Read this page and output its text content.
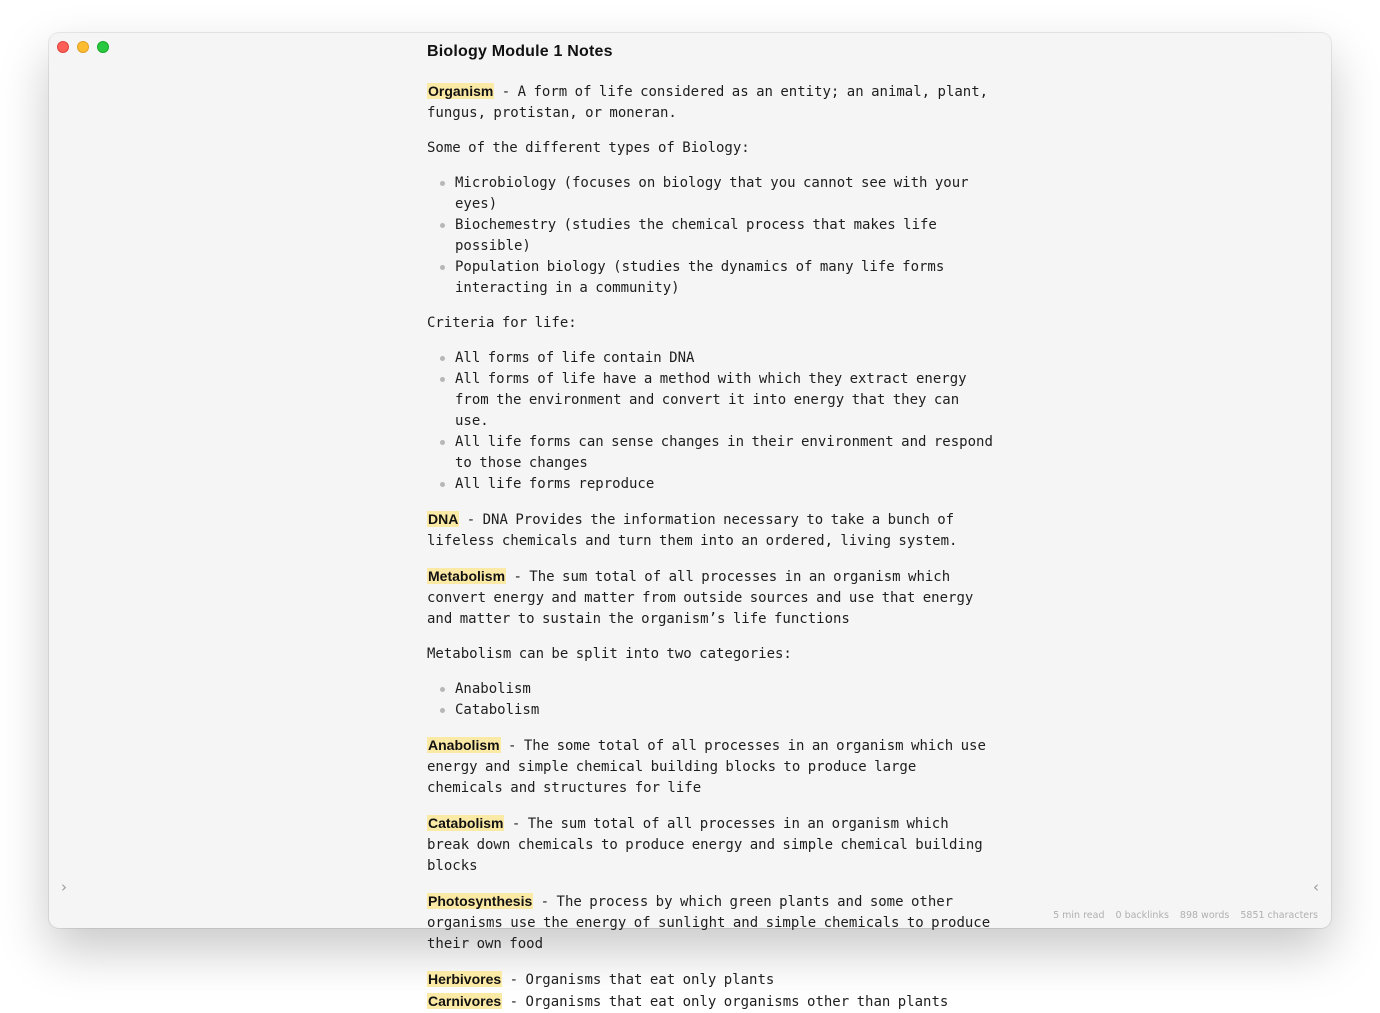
Biology Module 1 Notes

Organism - A form of life considered as an entity; an animal, plant, fungus, protistan, or moneran.

Some of the different types of Biology:

Microbiology (focuses on biology that you cannot see with your eyes)
Biochemestry (studies the chemical process that makes life possible)
Population biology (studies the dynamics of many life forms interacting in a community)

Criteria for life:

All forms of life contain DNA
All forms of life have a method with which they extract energy from the environment and convert it into energy that they can use.
All life forms can sense changes in their environment and respond to those changes
All life forms reproduce

DNA - DNA Provides the information necessary to take a bunch of lifeless chemicals and turn them into an ordered, living system.

Metabolism - The sum total of all processes in an organism which convert energy and matter from outside sources and use that energy and matter to sustain the organism’s life functions

Metabolism can be split into two categories:

Anabolism
Catabolism

Anabolism - The some total of all processes in an organism which use energy and simple chemical building blocks to produce large chemicals and structures for life

Catabolism - The sum total of all processes in an organism which break down chemicals to produce energy and simple chemical building blocks

Photosynthesis - The process by which green plants and some other organisms use the energy of sunlight and simple chemicals to produce their own food

Herbivores - Organisms that eat only plants

Carnivores - Organisms that eat only organisms other than plants

›	‹
5 min read 0 backlinks 898 words 5851 characters
